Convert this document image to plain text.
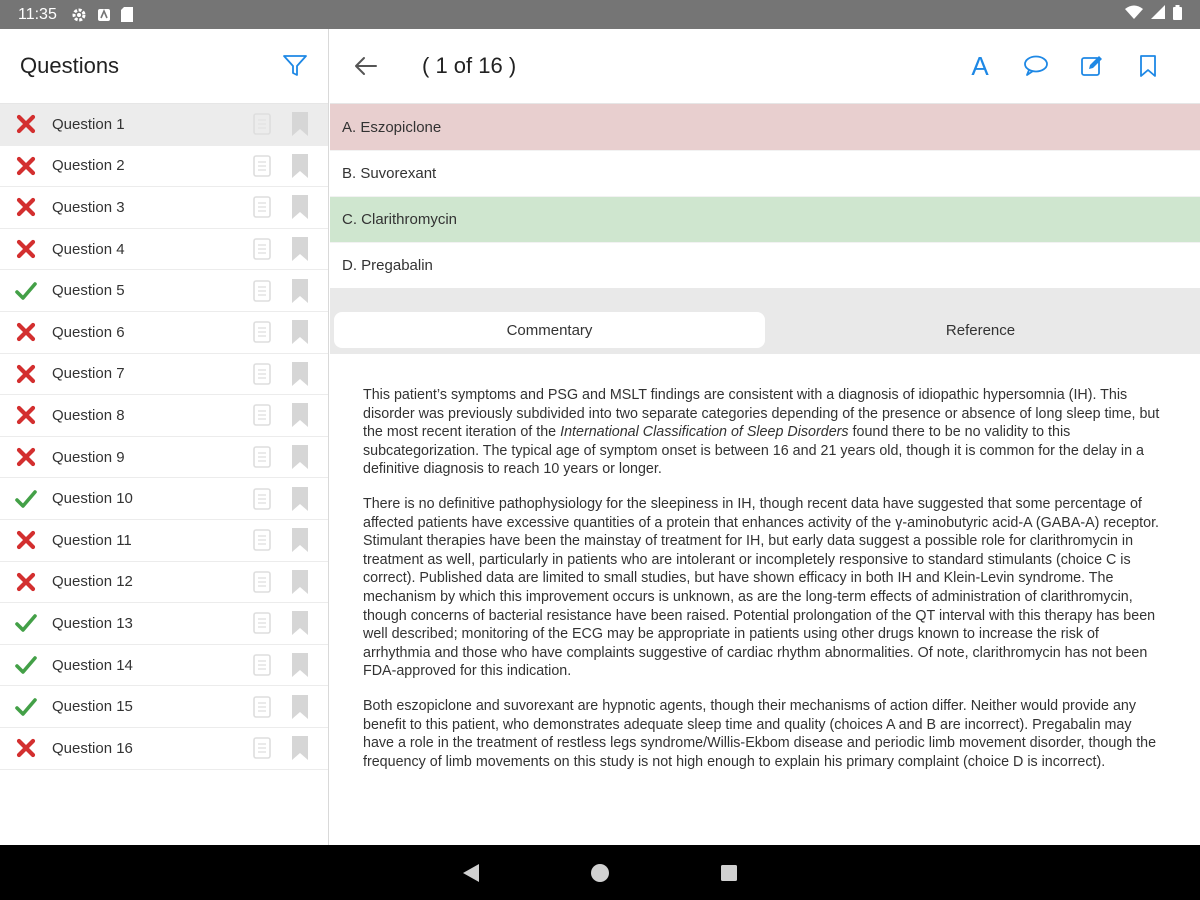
11:35
Questions
Question 1
Question 2
Question 3
Question 4
Question 5
Question 6
Question 7
Question 8
Question 9
Question 10
Question 11
Question 12
Question 13
Question 14
Question 15
Question 16
( 1 of 16 )	A
A. Eszopiclone
B. Suvorexant
C. Clarithromycin
D. Pregabalin
Commentary	Reference

This patient’s symptoms and PSG and MSLT findings are consistent with a diagnosis of idiopathic hypersomnia (IH). This disorder was previously subdivided into two separate categories depending of the presence or absence of long sleep time, but the most recent iteration of the International Classification of Sleep Disorders found there to be no validity to this subcategorization. The typical age of symptom onset is between 16 and 21 years old, though it is common for the delay in a definitive diagnosis to reach 10 years or longer.

There is no definitive pathophysiology for the sleepiness in IH, though recent data have suggested that some percentage of affected patients have excessive quantities of a protein that enhances activity of the γ-aminobutyric acid-A (GABA-A) receptor. Stimulant therapies have been the mainstay of treatment for IH, but early data suggest a possible role for clarithromycin in treatment as well, particularly in patients who are intolerant or incompletely responsive to standard stimulants (choice C is correct). Published data are limited to small studies, but have shown efficacy in both IH and Klein-Levin syndrome. The mechanism by which this improvement occurs is unknown, as are the long-term effects of administration of clarithromycin, though concerns of bacterial resistance have been raised. Potential prolongation of the QT interval with this therapy has been well described; monitoring of the ECG may be appropriate in patients using other drugs known to increase the risk of arrhythmia and those who have complaints suggestive of cardiac rhythm abnormalities. Of note, clarithromycin has not been FDA-approved for this indication.

Both eszopiclone and suvorexant are hypnotic agents, though their mechanisms of action differ. Neither would provide any benefit to this patient, who demonstrates adequate sleep time and quality (choices A and B are incorrect). Pregabalin may have a role in the treatment of restless legs syndrome/Willis-Ekbom disease and periodic limb movement disorder, though the frequency of limb movements on this study is not high enough to explain his primary complaint (choice D is incorrect).
